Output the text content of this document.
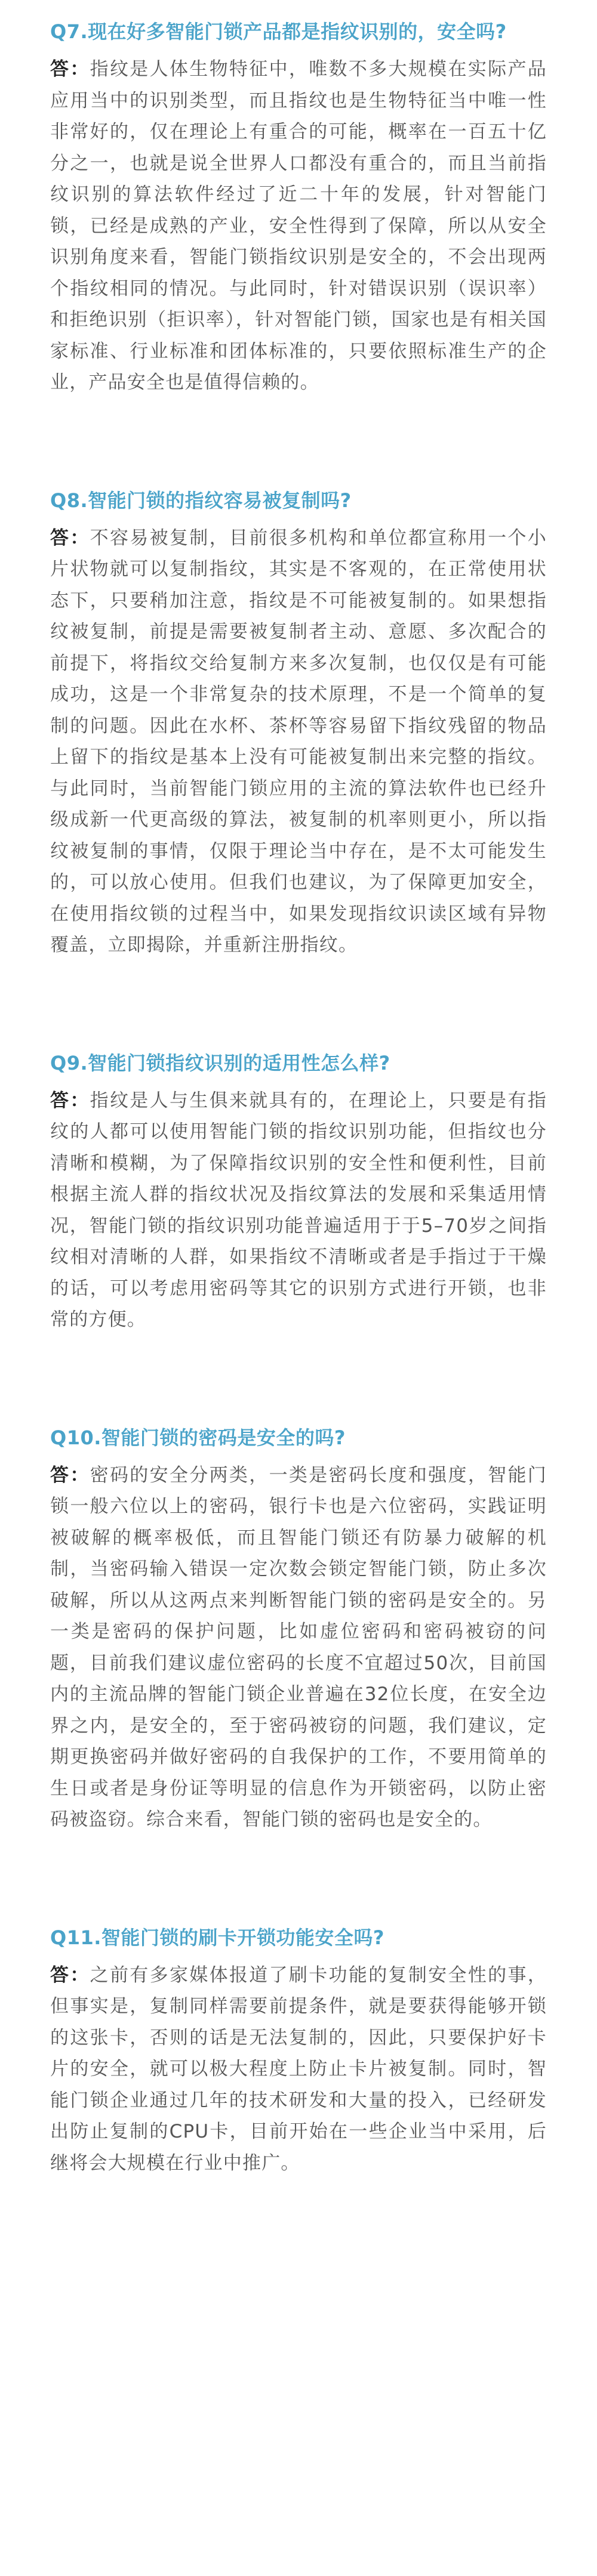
Q7.现在好多智能门锁产品都是指纹识别的，安全吗?

答：指纹是人体生物特征中，唯数不多大规模在实际产品应用当中的识别类型，而且指纹也是生物特征当中唯一性非常好的，仅在理论上有重合的可能，概率在一百五十亿分之一，也就是说全世界人口都没有重合的，而且当前指纹识别的算法软件经过了近二十年的发展，针对智能门锁，已经是成熟的产业，安全性得到了保障，所以从安全识别角度来看，智能门锁指纹识别是安全的，不会出现两个指纹相同的情况。与此同时，针对错误识别（误识率）和拒绝识别（拒识率），针对智能门锁，国家也是有相关国家标准、行业标准和团体标准的，只要依照标准生产的企业，产品安全也是值得信赖的。

Q8.智能门锁的指纹容易被复制吗?

答：不容易被复制，目前很多机构和单位都宣称用一个小片状物就可以复制指纹，其实是不客观的，在正常使用状态下，只要稍加注意，指纹是不可能被复制的。如果想指纹被复制，前提是需要被复制者主动、意愿、多次配合的前提下，将指纹交给复制方来多次复制，也仅仅是有可能成功，这是一个非常复杂的技术原理，不是一个简单的复制的问题。因此在水杯、茶杯等容易留下指纹残留的物品上留下的指纹是基本上没有可能被复制出来完整的指纹。与此同时，当前智能门锁应用的主流的算法软件也已经升级成新一代更高级的算法，被复制的机率则更小，所以指纹被复制的事情，仅限于理论当中存在，是不太可能发生的，可以放心使用。但我们也建议，为了保障更加安全，在使用指纹锁的过程当中，如果发现指纹识读区域有异物覆盖，立即揭除，并重新注册指纹。

Q9.智能门锁指纹识别的适用性怎么样?

答：指纹是人与生俱来就具有的，在理论上，只要是有指纹的人都可以使用智能门锁的指纹识别功能，但指纹也分清晰和模糊，为了保障指纹识别的安全性和便利性，目前根据主流人群的指纹状况及指纹算法的发展和采集适用情况，智能门锁的指纹识别功能普遍适用于于5–70岁之间指纹相对清晰的人群，如果指纹不清晰或者是手指过于干燥的话，可以考虑用密码等其它的识别方式进行开锁，也非常的方便。

Q10.智能门锁的密码是安全的吗?

答：密码的安全分两类，一类是密码长度和强度，智能门锁一般六位以上的密码，银行卡也是六位密码，实践证明被破解的概率极低，而且智能门锁还有防暴力破解的机制，当密码输入错误一定次数会锁定智能门锁，防止多次破解，所以从这两点来判断智能门锁的密码是安全的。另一类是密码的保护问题，比如虚位密码和密码被窃的问题，目前我们建议虚位密码的长度不宜超过50次，目前国内的主流品牌的智能门锁企业普遍在32位长度，在安全边界之内，是安全的，至于密码被窃的问题，我们建议，定期更换密码并做好密码的自我保护的工作，不要用简单的生日或者是身份证等明显的信息作为开锁密码，以防止密码被盗窃。综合来看，智能门锁的密码也是安全的。

Q11.智能门锁的刷卡开锁功能安全吗?

答：之前有多家媒体报道了刷卡功能的复制安全性的事，但事实是，复制同样需要前提条件，就是要获得能够开锁的这张卡，否则的话是无法复制的，因此，只要保护好卡片的安全，就可以极大程度上防止卡片被复制。同时，智能门锁企业通过几年的技术研发和大量的投入，已经研发出防止复制的CPU卡，目前开始在一些企业当中采用，后继将会大规模在行业中推广。
